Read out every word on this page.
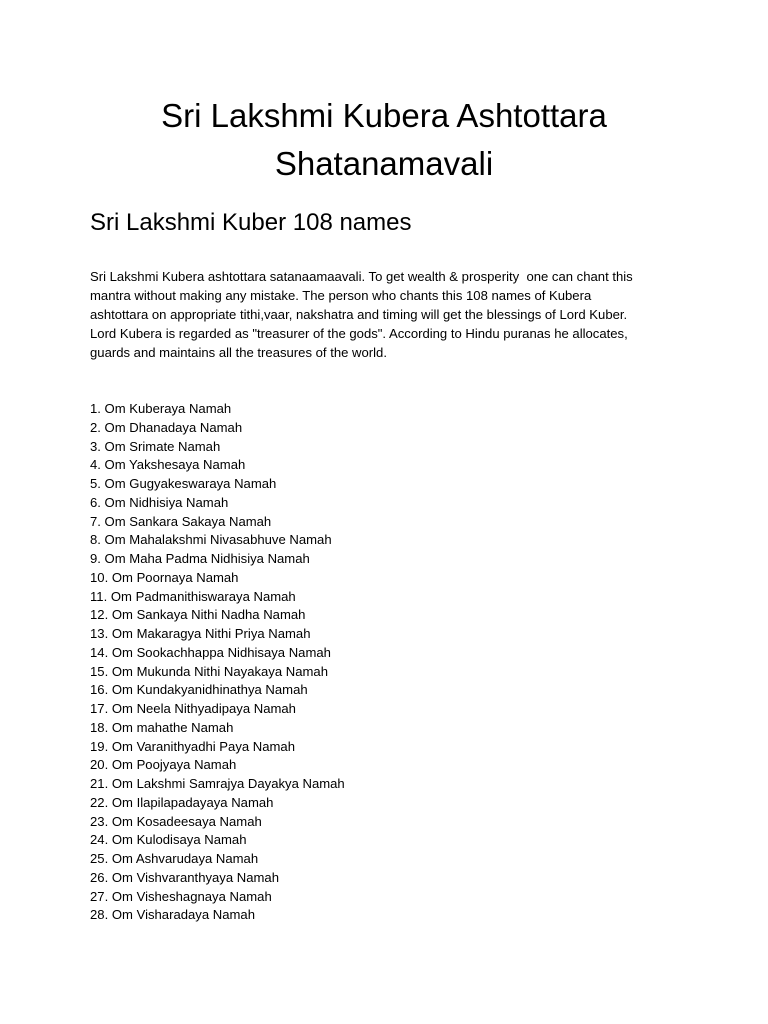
Sri Lakshmi Kubera Ashtottara
Shatanamavali
Sri Lakshmi Kuber 108 names

Sri Lakshmi Kubera ashtottara satanaamaavali. To get wealth & prosperity  one can chant this
mantra without making any mistake. The person who chants this 108 names of Kubera
ashtottara on appropriate tithi,vaar, nakshatra and timing will get the blessings of Lord Kuber.
Lord Kubera is regarded as "treasurer of the gods". According to Hindu puranas he allocates,
guards and maintains all the treasures of the world.

1. Om Kuberaya Namah
2. Om Dhanadaya Namah
3. Om Srimate Namah
4. Om Yakshesaya Namah
5. Om Gugyakeswaraya Namah
6. Om Nidhisiya Namah
7. Om Sankara Sakaya Namah
8. Om Mahalakshmi Nivasabhuve Namah
9. Om Maha Padma Nidhisiya Namah
10. Om Poornaya Namah
11. Om Padmanithiswaraya Namah
12. Om Sankaya Nithi Nadha Namah
13. Om Makaragya Nithi Priya Namah
14. Om Sookachhappa Nidhisaya Namah
15. Om Mukunda Nithi Nayakaya Namah
16. Om Kundakyanidhinathya Namah
17. Om Neela Nithyadipaya Namah
18. Om mahathe Namah
19. Om Varanithyadhi Paya Namah
20. Om Poojyaya Namah
21. Om Lakshmi Samrajya Dayakya Namah
22. Om Ilapilapadayaya Namah
23. Om Kosadeesaya Namah
24. Om Kulodisaya Namah
25. Om Ashvarudaya Namah
26. Om Vishvaranthyaya Namah
27. Om Visheshagnaya Namah
28. Om Visharadaya Namah
